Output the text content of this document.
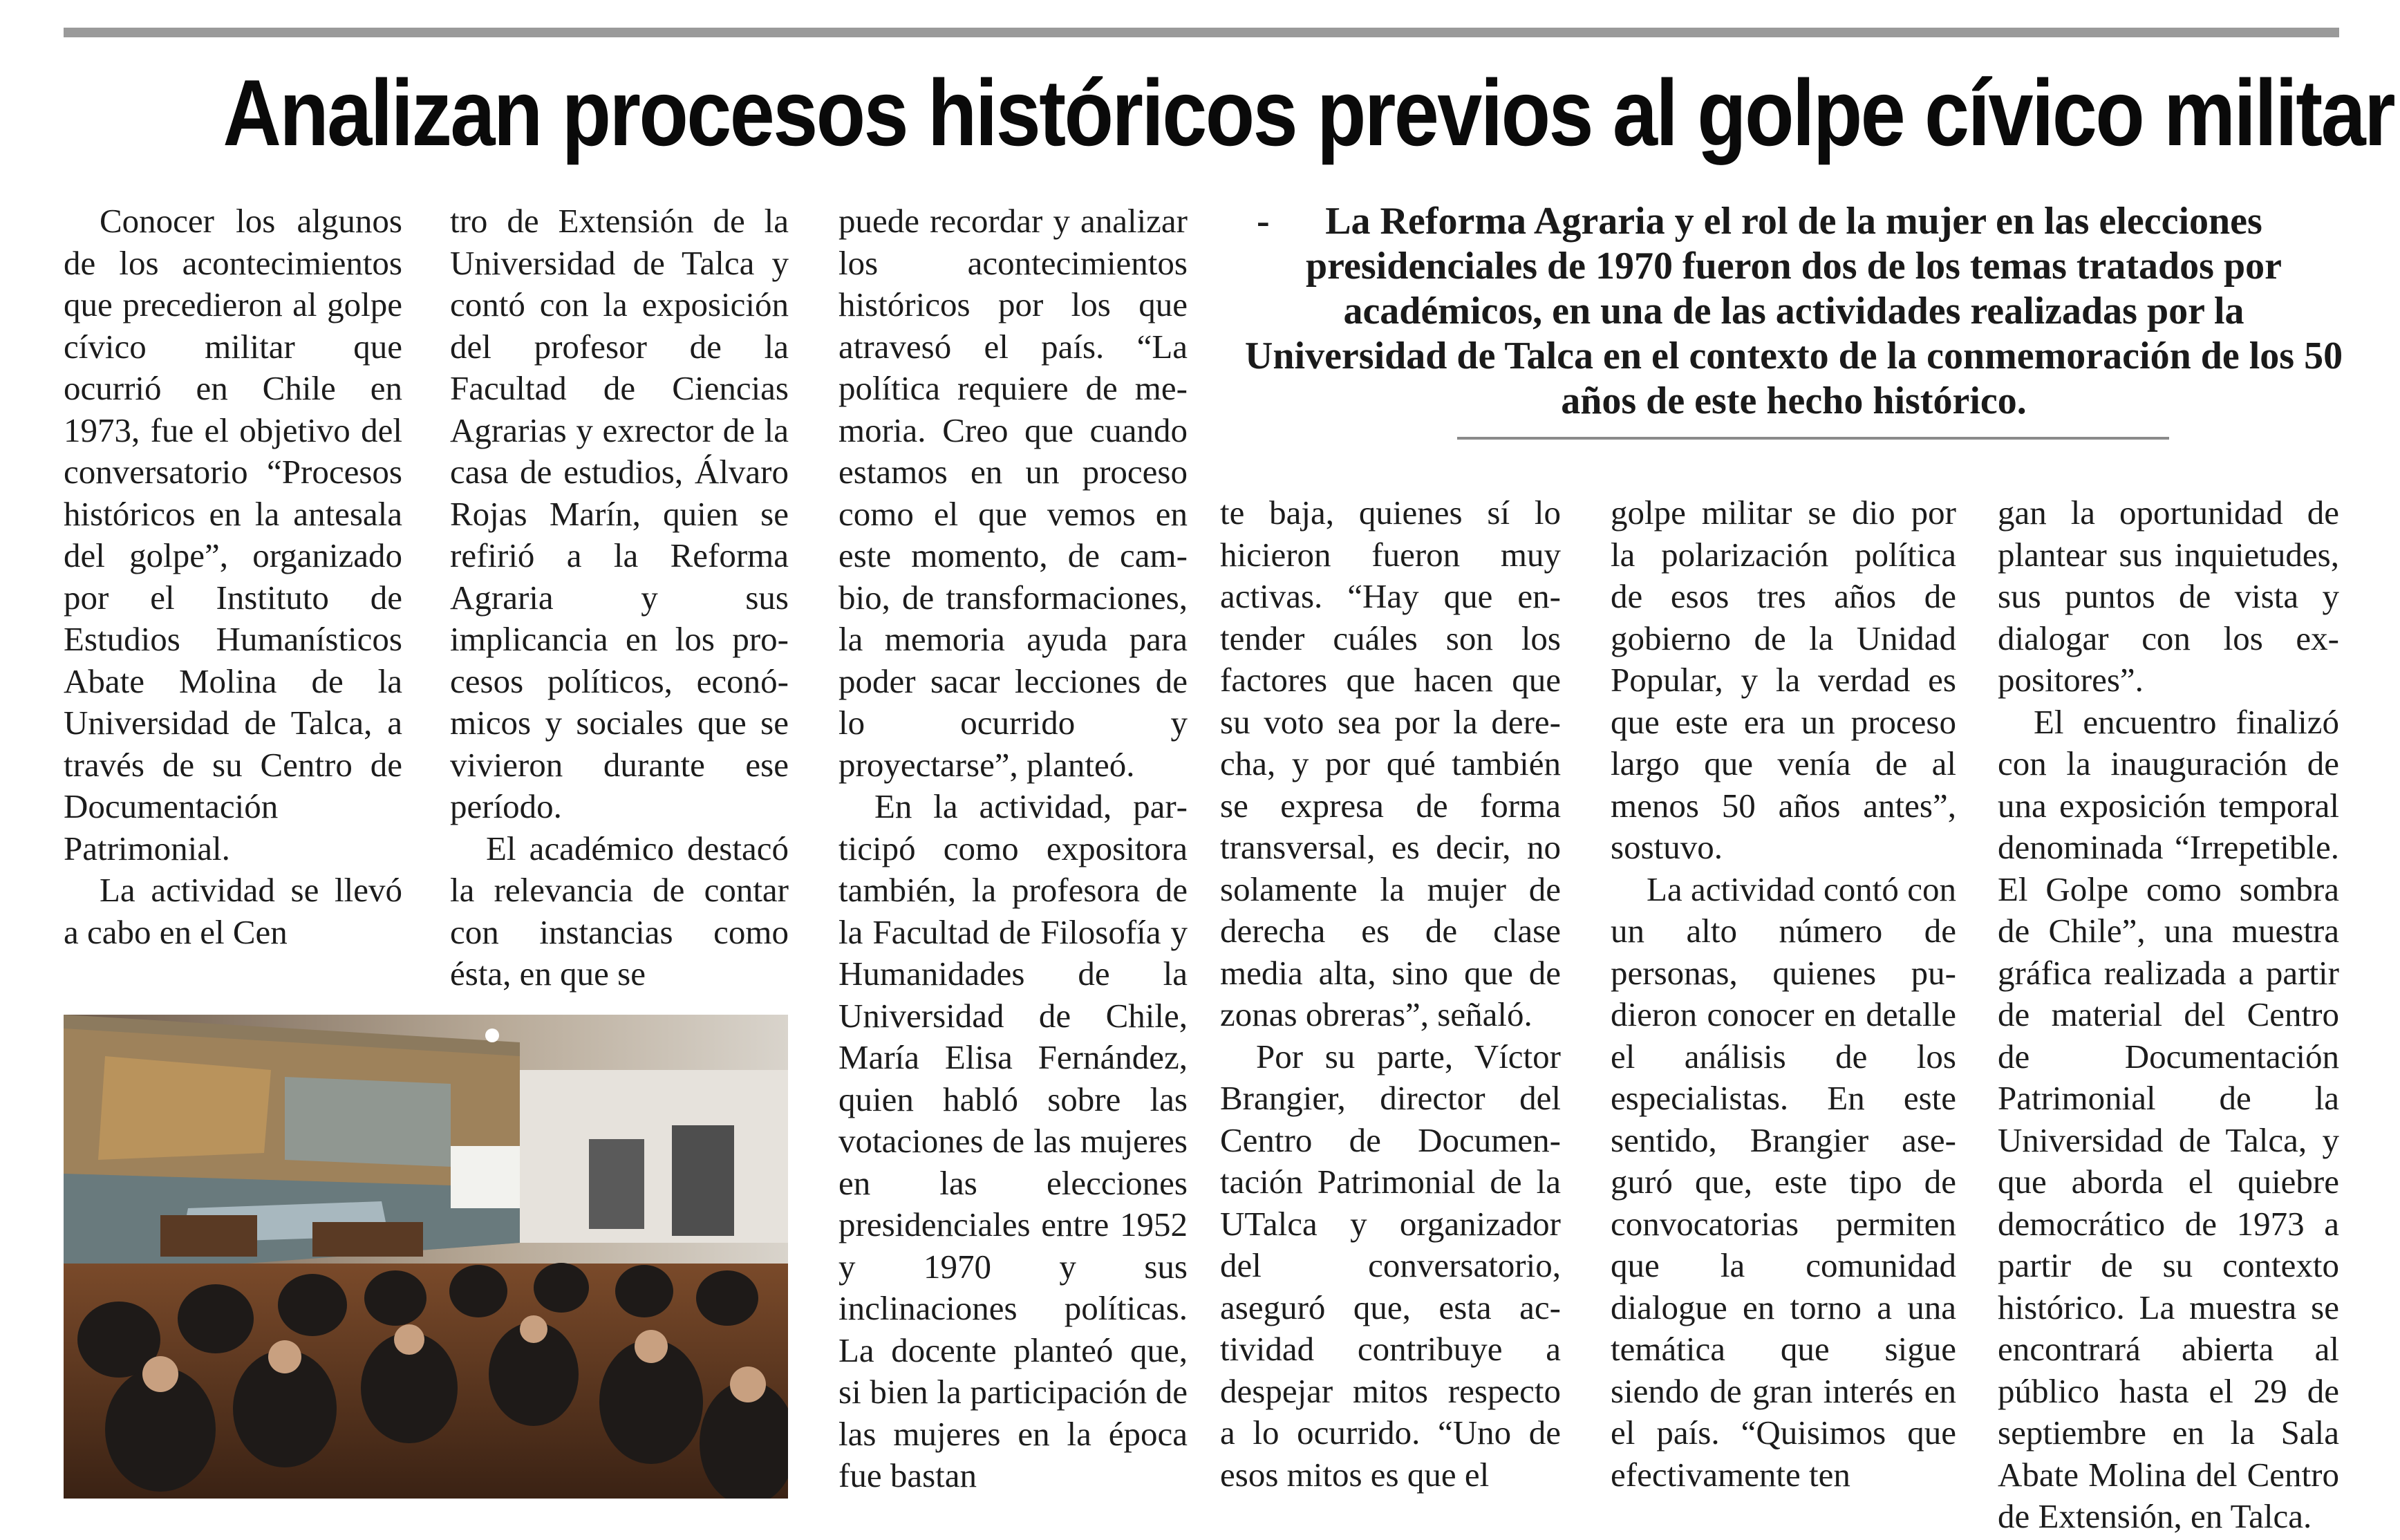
Analizan procesos históricos previos al golpe cívico militar

Conocer los algunos de los acontecimientos que precedieron al golpe cívico militar que ocurrió en Chile en 1973, fue el objetivo del conversatorio “Procesos históricos en la antesala del golpe”, organizado por el Instituto de Estudios Humanísticos Abate Molina de la Universidad de Talca, a través de su Centro de Documentación Patrimonial.

La actividad se llevó a cabo en el Cen

tro de Extensión de la Universidad de Talca y contó con la exposición del profesor de la Facultad de Ciencias Agrarias y exrector de la casa de estudios, Álvaro Rojas Marín, quien se refirió a la Reforma Agraria y sus implicancia en los procesos políticos, económicos y sociales que se vivieron durante ese período.

El académico destacó la relevancia de contar con instancias como ésta, en que se

puede recordar y analizar los acontecimientos históricos por los que atravesó el país. “La política requiere de memoria. Creo que cuando estamos en un proceso como el que vemos en este momento, de cambio, de transformaciones, la memoria ayuda para poder sacar lecciones de lo ocurrido y proyectarse”, planteó.

En la actividad, participó como expositora también, la profesora de la Facultad de Filosofía y Humanidades de la Universidad de Chile, María Elisa Fernández, quien habló sobre las votaciones de las mujeres en las elecciones presidenciales entre 1952 y 1970 y sus inclinaciones políticas. La docente planteó que, si bien la participación de las mujeres en la época fue bastan

-	La Reforma Agraria y el rol de la mujer en las elecciones presidenciales de 1970 fueron dos de los temas tratados por académicos, en una de las actividades realizadas por la Universidad de Talca en el contexto de la conmemoración de los 50 años de este hecho histórico.

te baja, quienes sí lo hicieron fueron muy activas. “Hay que entender cuáles son los factores que hacen que su voto sea por la derecha, y por qué también se expresa de forma transversal, es decir, no solamente la mujer de derecha es de clase media alta, sino que de zonas obreras”, señaló.

Por su parte, Víctor Brangier, director del Centro de Documentación Patrimonial de la UTalca y organizador del conversatorio, aseguró que, esta actividad contribuye a despejar mitos respecto a lo ocurrido. “Uno de esos mitos es que el

golpe militar se dio por la polarización política de esos tres años de gobierno de la Unidad Popular, y la verdad es que este era un proceso largo que venía de al menos 50 años antes”, sostuvo.

La actividad contó con un alto número de personas, quienes pudieron conocer en detalle el análisis de los especialistas. En este sentido, Brangier aseguró que, este tipo de convocatorias permiten que la comunidad dialogue en torno a una temática que sigue siendo de gran interés en el país. “Quisimos que efectivamente ten

gan la oportunidad de plantear sus inquietudes, sus puntos de vista y dialogar con los expositores”.

El encuentro finalizó con la inauguración de una exposición temporal denominada “Irrepetible. El Golpe como sombra de Chile”, una muestra gráfica realizada a partir de material del Centro de Documentación Patrimonial de la Universidad de Talca, y que aborda el quiebre democrático de 1973 a partir de su contexto histórico. La muestra se encontrará abierta al público hasta el 29 de septiembre en la Sala Abate Molina del Centro de Extensión, en Talca.
